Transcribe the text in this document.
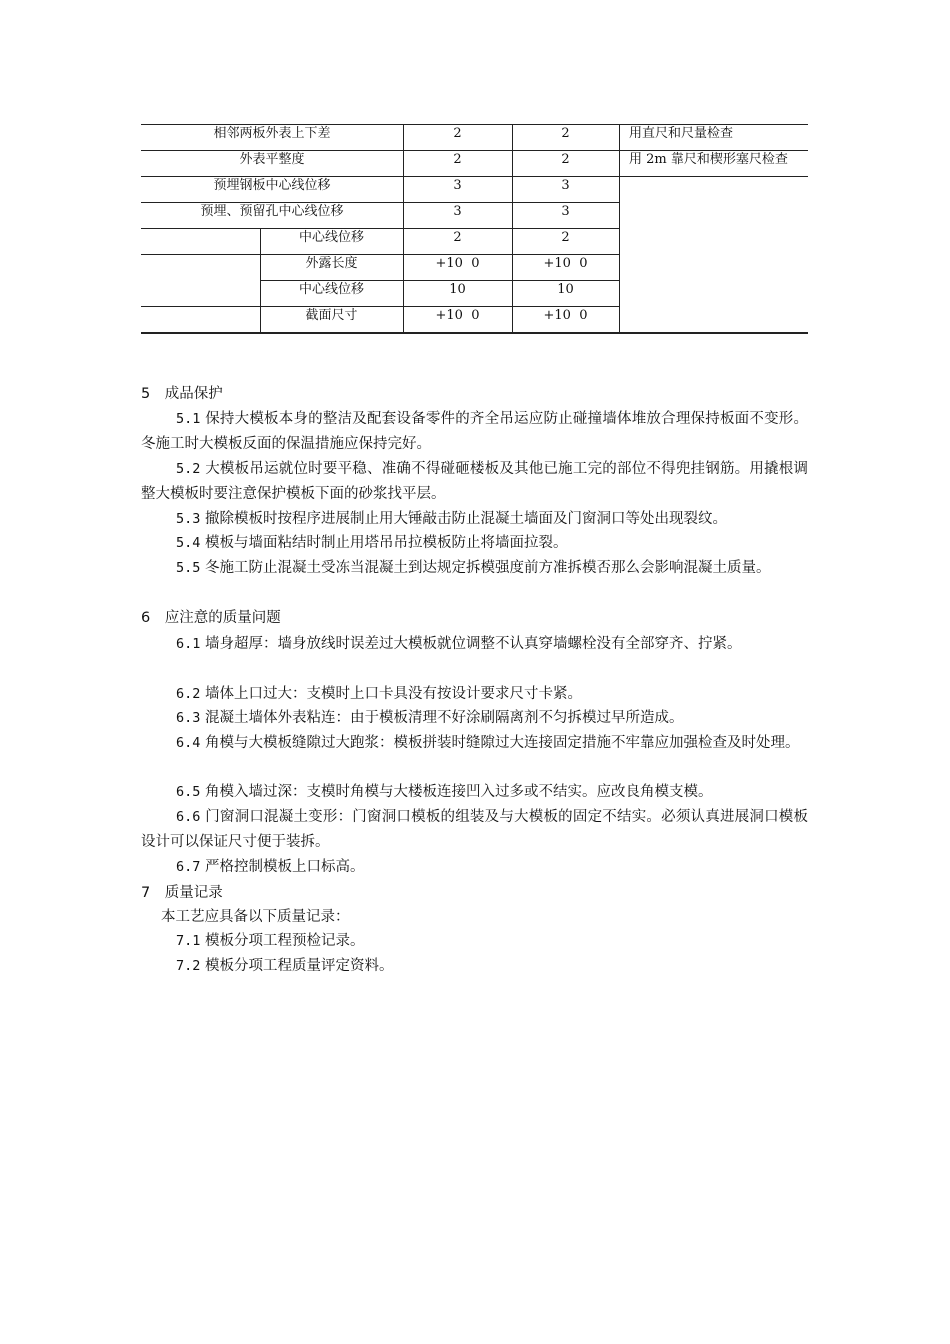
相邻两板外表上下差	2	2	用直尺和尺量检查
外表平整度	2	2	用 2m 靠尺和楔形塞尺检查
预埋钢板中心线位移	3	3
预埋、预留孔中心线位移	3	3
中心线位移	2	2
外露长度	+10  0	+10  0
中心线位移	10	10
截面尺寸	+10  0	+10  0
5　成品保护
5.1 保持大模板本身的整洁及配套设备零件的齐全吊运应防止碰撞墙体堆放合理保持板面不变形。冬施工时大模板反面的保温措施应保持完好。
5.2 大模板吊运就位时要平稳、准确不得碰砸楼板及其他已施工完的部位不得兜挂钢筋。用撬根调整大模板时要注意保护模板下面的砂浆找平层。
5.3 撤除模板时按程序进展制止用大锤敲击防止混凝土墙面及门窗洞口等处出现裂纹。
5.4 模板与墙面粘结时制止用塔吊吊拉模板防止将墙面拉裂。
5.5 冬施工防止混凝土受冻当混凝土到达规定拆模强度前方准拆模否那么会影响混凝土质量。
6　应注意的质量问题
6.1 墙身超厚：墙身放线时误差过大模板就位调整不认真穿墙螺栓没有全部穿齐、拧紧。
6.2 墙体上口过大：支模时上口卡具没有按设计要求尺寸卡紧。
6.3 混凝土墙体外表粘连：由于模板清理不好涂刷隔离剂不匀拆模过早所造成。
6.4 角模与大模板缝隙过大跑浆：模板拼装时缝隙过大连接固定措施不牢靠应加强检查及时处理。
6.5 角模入墙过深：支模时角模与大楼板连接凹入过多或不结实。应改良角模支模。
6.6 门窗洞口混凝土变形：门窗洞口模板的组装及与大模板的固定不结实。必须认真进展洞口模板设计可以保证尺寸便于装拆。
6.7 严格控制模板上口标高。
7　质量记录
本工艺应具备以下质量记录：
7.1 模板分项工程预检记录。
7.2 模板分项工程质量评定资料。
